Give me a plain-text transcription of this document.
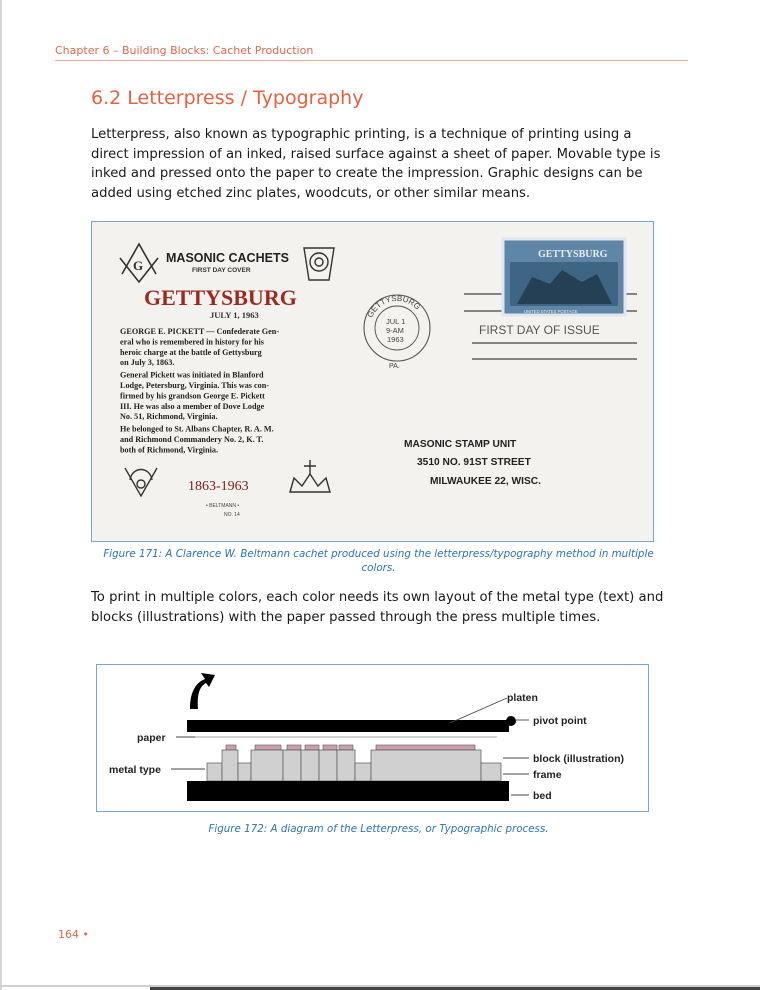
Chapter 6 – Building Blocks: Cachet Production
6.2 Letterpress / Typography

Letterpress, also known as typographic printing, is a technique of printing using a direct impression of an inked, raised surface against a sheet of paper. Movable type is inked and pressed onto the paper to create the impression. Graphic designs can be added using etched zinc plates, woodcuts, or other similar means.

G MASONIC CACHETS
FIRST DAY COVER
GETTYSBURG
JULY 1, 1963
GEORGE E. PICKETT — Confederate Gen-
eral who is remembered in history for his
heroic charge at the battle of Gettysburg
on July 3, 1863.
General Pickett was initiated in Blanford
Lodge, Petersburg, Virginia. This was con-
firmed by his grandson George E. Pickett
III. He was also a member of Dove Lodge
No. 51, Richmond, Virginia.
He belonged to St. Albans Chapter, R. A. M.
and Richmond Commandery No. 2, K. T.
both of Richmond, Virginia.
1863-1963
• BELTMANN •
NO. 14
GETTYSBURG
JUL 1
9-AM
1963
PA.
GETTYSBURG
UNITED STATES POSTAGE
FIRST DAY OF ISSUE
MASONIC STAMP UNIT
3510 NO. 91ST STREET
MILWAUKEE 22, WISC.

Figure 171: A Clarence W. Beltmann cachet produced using the letterpress/typography method in multiple colors.

To print in multiple colors, each color needs its own layout of the metal type (text) and blocks (illustrations) with the paper passed through the press multiple times.

paper
metal type
platen
pivot point
block (illustration)
frame
bed

Figure 172: A diagram of the Letterpress, or Typographic process.

164 •
